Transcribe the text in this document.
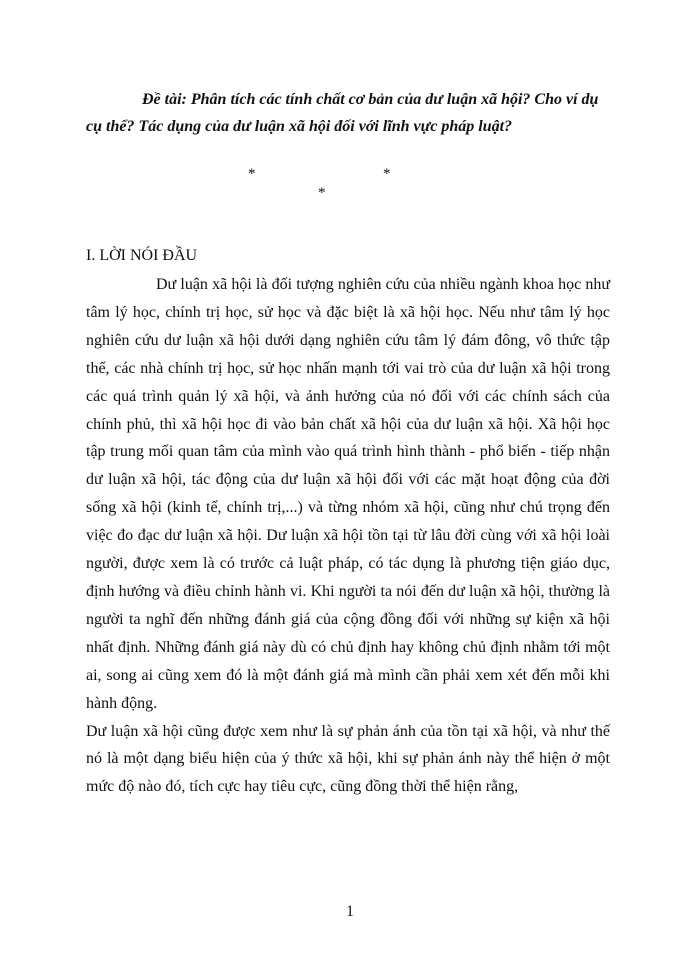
Đề tài: Phân tích các tính chất cơ bản của dư luận xã hội? Cho ví dụ cụ thể? Tác dụng của dư luận xã hội đối với lĩnh vực pháp luật?

*	*
*
I. LỜI NÓI ĐẦU

Dư luận xã hội là đối tượng nghiên cứu của nhiều ngành khoa học như tâm lý học, chính trị học, sử học và đặc biệt là xã hội học. Nếu như tâm lý học nghiên cứu dư luận xã hội dưới dạng nghiên cứu tâm lý đám đông, vô thức tập thể, các nhà chính trị học, sử học nhấn mạnh tới vai trò của dư luận xã hội trong các quá trình quản lý xã hội, và ảnh hưởng của nó đối với các chính sách của chính phủ, thì xã hội học đi vào bản chất xã hội của dư luận xã hội. Xã hội học tập trung mối quan tâm của mình vào quá trình hình thành - phổ biến - tiếp nhận dư luận xã hội, tác động của dư luận xã hội đối với các mặt hoạt động của đời sống xã hội (kinh tế, chính trị,...) và từng nhóm xã hội, cũng như chú trọng đến việc đo đạc dư luận xã hội. Dư luận xã hội tồn tại từ lâu đời cùng với xã hội loài người, được xem là có trước cả luật pháp, có tác dụng là phương tiện giáo dục, định hướng và điều chỉnh hành vi. Khi người ta nói đến dư luận xã hội, thường là người ta nghĩ đến những đánh giá của cộng đồng đối với những sự kiện xã hội nhất định. Những đánh giá này dù có chủ định hay không chủ định nhằm tới một ai, song ai cũng xem đó là một đánh giá mà mình cần phải xem xét đến mỗi khi hành động.

Dư luận xã hội cũng được xem như là sự phản ánh của tồn tại xã hội, và như thế nó là một dạng biểu hiện của ý thức xã hội, khi sự phản ánh này thể hiện ở một mức độ nào đó, tích cực hay tiêu cực, cũng đồng thời thể hiện rằng,

1
